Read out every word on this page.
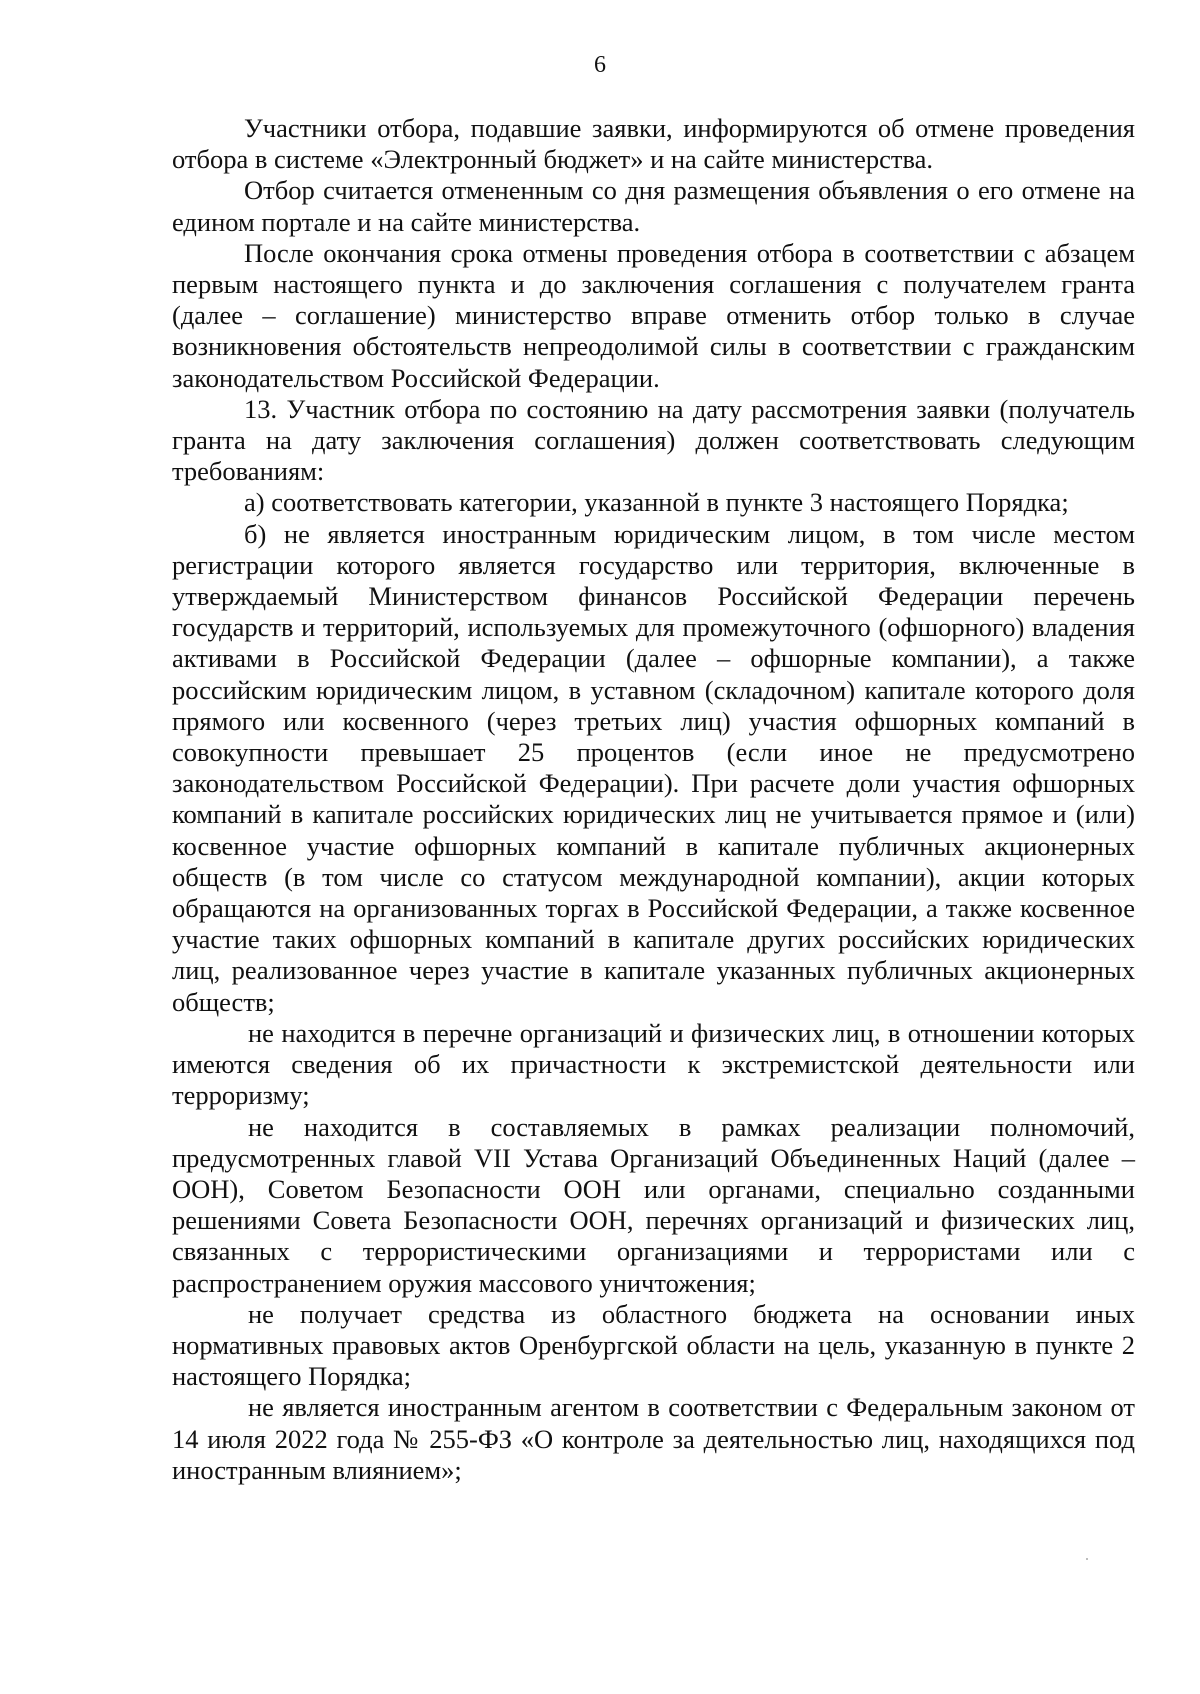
6

Участники отбора, подавшие заявки, информируются об отмене проведения отбора в системе «Электронный бюджет» и на сайте министерства.

Отбор считается отмененным со дня размещения объявления о его отмене на едином портале и на сайте министерства.

После окончания срока отмены проведения отбора в соответствии с абзацем первым настоящего пункта и до заключения соглашения с получателем гранта (далее – соглашение) министерство вправе отменить отбор только в случае возникновения обстоятельств непреодолимой силы в соответствии с гражданским законодательством Российской Федерации.

13. Участник отбора по состоянию на дату рассмотрения заявки (получатель гранта на дату заключения соглашения) должен соответствовать следующим требованиям:

а) соответствовать категории, указанной в пункте 3 настоящего Порядка;

б) не является иностранным юридическим лицом, в том числе местом регистрации которого является государство или территория, включенные в утверждаемый Министерством финансов Российской Федерации перечень государств и территорий, используемых для промежуточного (офшорного) владения активами в Российской Федерации (далее – офшорные компании), а также российским юридическим лицом, в уставном (складочном) капитале которого доля прямого или косвенного (через третьих лиц) участия офшорных компаний в совокупности превышает 25 процентов (если иное не предусмотрено законодательством Российской Федерации). При расчете доли участия офшорных компаний в капитале российских юридических лиц не учитывается прямое и (или) косвенное участие офшорных компаний в капитале публичных акционерных обществ (в том числе со статусом международной компании), акции которых обращаются на организованных торгах в Российской Федерации, а также косвенное участие таких офшорных компаний в капитале других российских юридических лиц, реализованное через участие в капитале указанных публичных акционерных обществ;

не находится в перечне организаций и физических лиц, в отношении которых имеются сведения об их причастности к экстремистской деятельности или терроризму;

не находится в составляемых в рамках реализации полномочий, предусмотренных главой VII Устава Организаций Объединенных Наций (далее – ООН), Советом Безопасности ООН или органами, специально созданными решениями Совета Безопасности ООН, перечнях организаций и физических лиц, связанных с террористическими организациями и террористами или с распространением оружия массового уничтожения;

не получает средства из областного бюджета на основании иных нормативных правовых актов Оренбургской области на цель, указанную в пункте 2 настоящего Порядка;

не является иностранным агентом в соответствии с Федеральным законом от 14 июля 2022 года № 255-ФЗ «О контроле за деятельностью лиц, находящихся под иностранным влиянием»;
